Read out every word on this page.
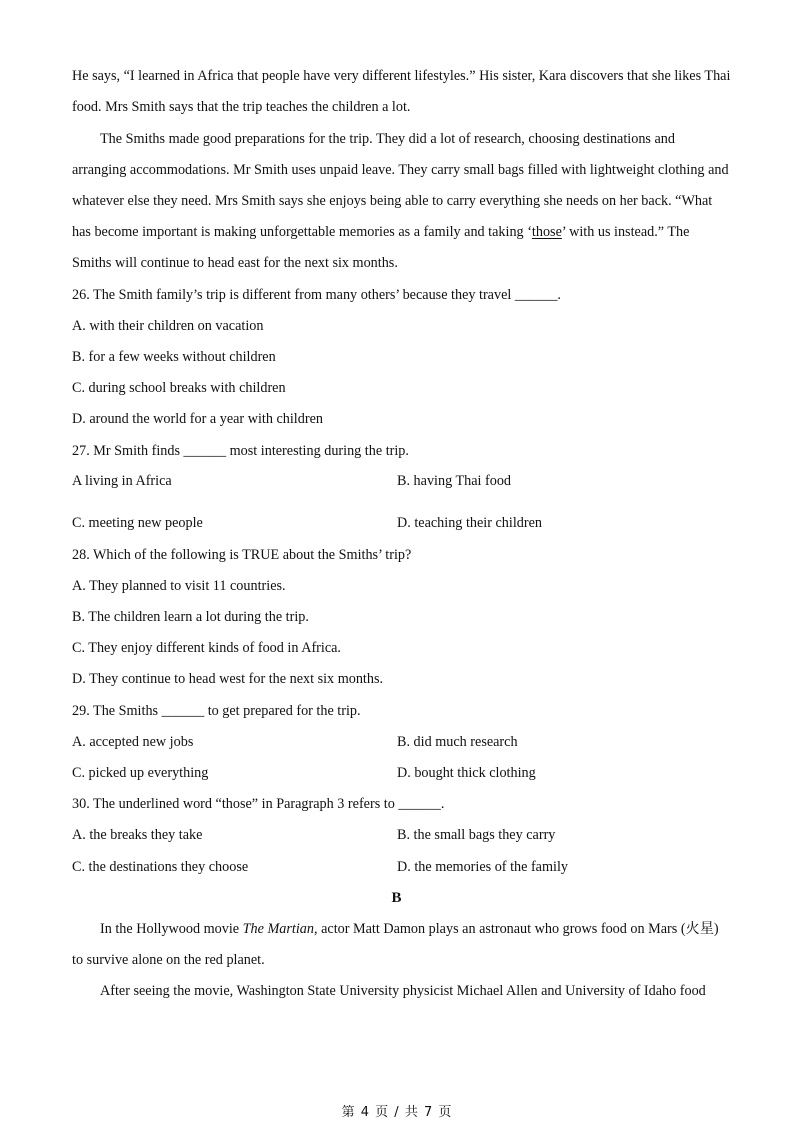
He says, “I learned in Africa that people have very different lifestyles.” His sister, Kara discovers that she likes Thai
food. Mrs Smith says that the trip teaches the children a lot.
The Smiths made good preparations for the trip. They did a lot of research, choosing destinations and
arranging accommodations. Mr Smith uses unpaid leave. They carry small bags filled with lightweight clothing and
whatever else they need. Mrs Smith says she enjoys being able to carry everything she needs on her back. “What
has become important is making unforgettable memories as a family and taking ‘those’ with us instead.” The
Smiths will continue to head east for the next six months.
26. The Smith family’s trip is different from many others’ because they travel ______.
A. with their children on vacation
B. for a few weeks without children
C. during school breaks with children
D. around the world for a year with children
27. Mr Smith finds ______ most interesting during the trip.
A living in Africa	B. having Thai food
C. meeting new people	D. teaching their children
28. Which of the following is TRUE about the Smiths’ trip?
A. They planned to visit 11 countries.
B. The children learn a lot during the trip.
C. They enjoy different kinds of food in Africa.
D. They continue to head west for the next six months.
29. The Smiths ______ to get prepared for the trip.
A. accepted new jobs	B. did much research
C. picked up everything	D. bought thick clothing
30. The underlined word “those” in Paragraph 3 refers to ______.
A. the breaks they take	B. the small bags they carry
C. the destinations they choose	D. the memories of the family
B
In the Hollywood movie The Martian, actor Matt Damon plays an astronaut who grows food on Mars (火星)
to survive alone on the red planet.
After seeing the movie, Washington State University physicist Michael Allen and University of Idaho food
第 4 页 / 共 7 页
